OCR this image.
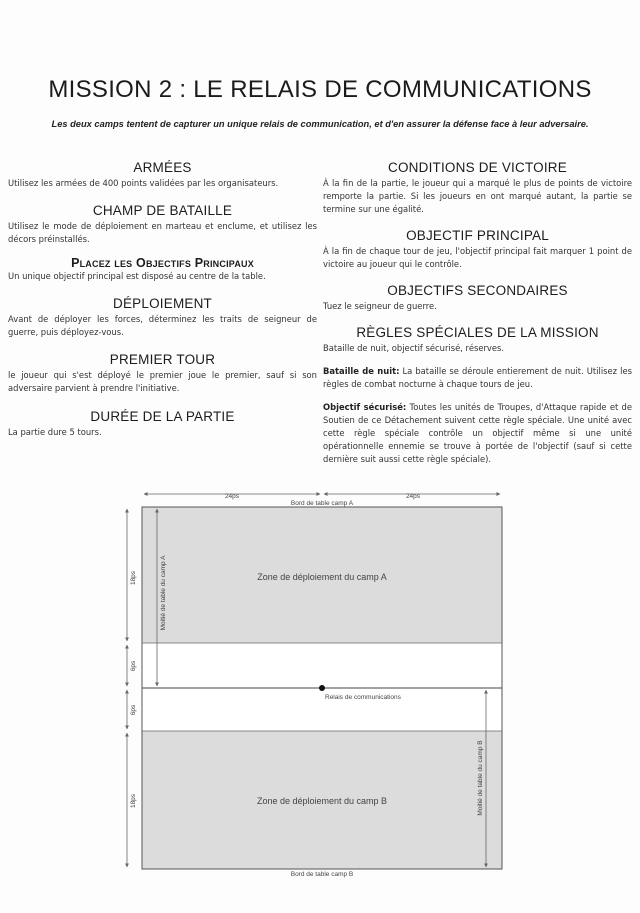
MISSION 2 : LE RELAIS DE COMMUNICATIONS
Les deux camps tentent de capturer un unique relais de communication, et d'en assurer la défense face à leur adversaire.
ARMÉES

Utilisez les armées de 400 points validées par les organisateurs.

CHAMP DE BATAILLE

Utilisez le mode de déploiement en marteau et enclume, et utilisez les décors préinstallés.

Placez les Objectifs Principaux

Un unique objectif principal est disposé au centre de la table.

DÉPLOIEMENT

Avant de déployer les forces, déterminez les traits de seigneur de guerre, puis déployez-vous.

PREMIER TOUR

le joueur qui s'est déployé le premier joue le premier, sauf si son adversaire parvient à prendre l'initiative.

DURÉE DE LA PARTIE

La partie dure 5 tours.

CONDITIONS DE VICTOIRE

À la fin de la partie, le joueur qui a marqué le plus de points de victoire remporte la partie. Si les joueurs en ont marqué autant, la partie se termine sur une égalité.

OBJECTIF PRINCIPAL

À la fin de chaque tour de jeu, l'objectif principal fait marquer 1 point de victoire au joueur qui le contrôle.

OBJECTIFS SECONDAIRES

Tuez le seigneur de guerre.

RÈGLES SPÉCIALES DE LA MISSION

Bataille de nuit, objectif sécurisé, réserves.

Bataille de nuit: La bataille se déroule entierement de nuit. Utilisez les règles de combat nocturne à chaque tours de jeu.

Objectif sécurisé: Toutes les unités de Troupes, d'Attaque rapide et de Soutien de ce Détachement suivent cette règle spéciale. Une unité avec cette règle spéciale contrôle un objectif même si une unité opérationnelle ennemie se trouve à portée de l'objectif (sauf si cette dernière suit aussi cette règle spéciale).

24ps	24ps
Bord de table camp A
18ps
6ps
6ps
18ps
Moitié de table du camp A
Moitié de table du camp B
Zone de déploiement du camp A
Zone de déploiement du camp B
Relais de communications
Bord de table camp B
